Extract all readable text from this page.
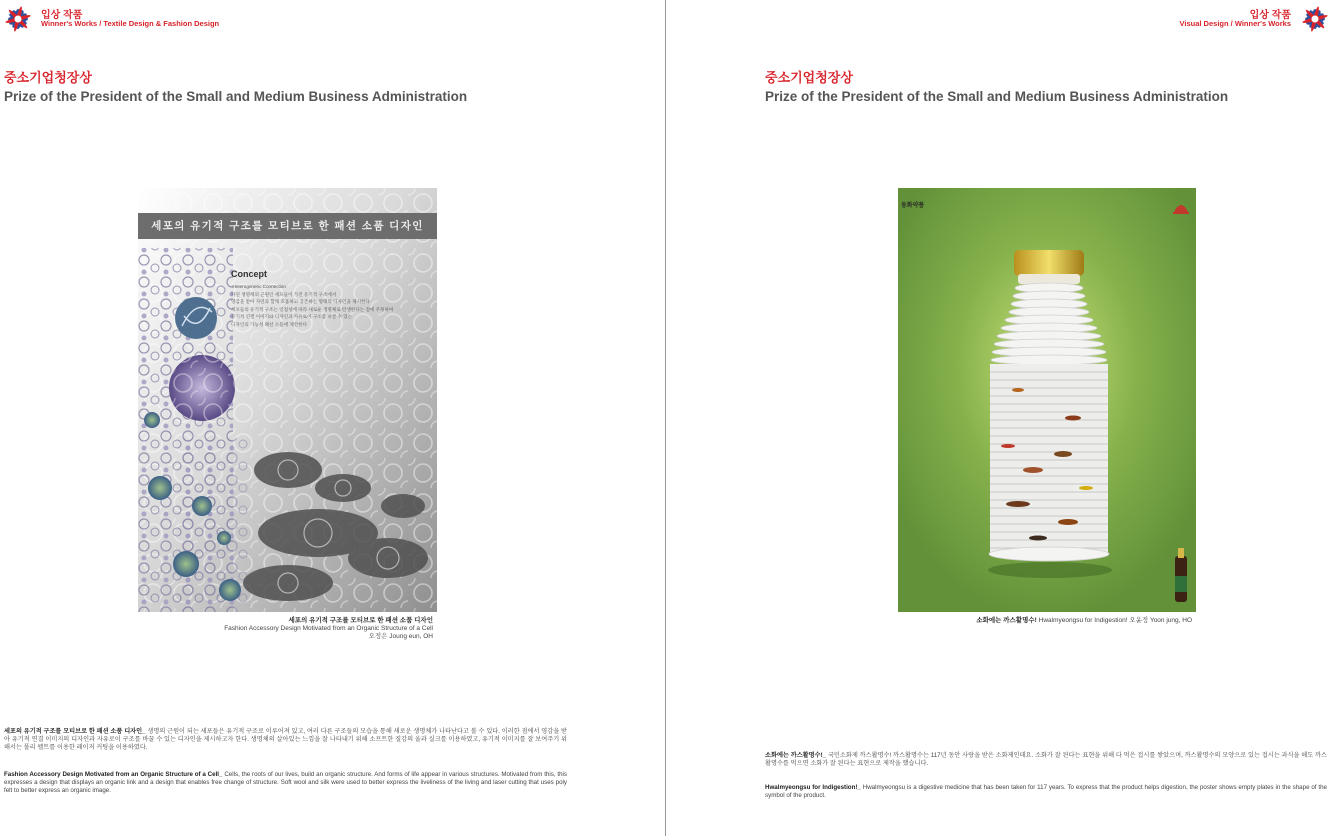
입상 작품
Winner's Works / Textile Design & Fashion Design
중소기업청장상
Prize of the President of the Small and Medium Business Administration
세포의 유기적 구조를 모티브로 한 패션 소품 디자인
Concept
-Heterogeneric Connection
자연 생명체의 근원인 세포들이 가진 유기적 구조에서
영감을 받아 자연과 함께 호흡하고 공존하는 형태의 디자인을 제시한다
세포들의 유기적 구조는 인접성에 따라 새로운 생명체로 탄생한다는 점에 주목하여
유기적 연결 이미지와 디자인과 자유로이 구조를 바꿀 수 있는
디자인의 가능성 패션 소품에 제안한다
세포의 유기적 구조를 모티브로 한 패션 소품 디자인
Fashion Accessory Design Motivated from an Organic Structure of a Cell
오정은 Joung eun, OH
세포의 유기적 구조를 모티브로 한 패션 소품 디자인_ 생명의 근원이 되는 세포들은 유기적 구조로 이루어져 있고, 여러 다른 구조들의 모습을 통해 새로운 생명체가 나타난다고 볼 수 있다. 이러한 점에서 영감을 받아 유기적 연결 이미지의 디자인과 자유로이 구조를 바꿀 수 있는 디자인을 제시하고자 한다. 생명체의 살아있는 느낌을 잘 나타내기 위해 소프트한 질감의 울과 실크를 이용하였고, 유기적 이미지를 잘 보여주기 위해서는 폴리 펠트를 이용한 레이저 커팅을 이용하였다.
Fashion Accessory Design Motivated from an Organic Structure of a Cell_ Cells, the roots of our lives, build an organic structure. And forms of life appear in various structures. Motivated from this, this expresses a design that displays an organic link and a design that enables free change of structure. Soft wool and silk were used to better express the liveliness of the living and laser cutting that uses poly felt to better express an organic image.
입상 작품
Visual Design / Winner's Works
중소기업청장상
Prize of the President of the Small and Medium Business Administration
동화약품
소화에는 까스활명수! Hwalmyeongsu for Indigestion! 오윤정 Yoon jung, HO
소화에는 까스활명수!_ 국민소화제 까스활명수! 까스활명수는 117년 동안 사랑을 받은 소화제인데요. 소화가 잘 된다는 표현을 위해 다 먹은 접시를 쌓았으며, 까스활명수의 모양으로 있는 접시는 과식을 해도 까스활명수를 먹으면 소화가 잘 된다는 표현으로 제작을 했습니다.
Hwalmyeongsu for Indigestion!_ Hwalmyeongsu is a digestive medicine that has been taken for 117 years. To express that the product helps digestion, the poster shows empty plates in the shape of the symbol of the product.
